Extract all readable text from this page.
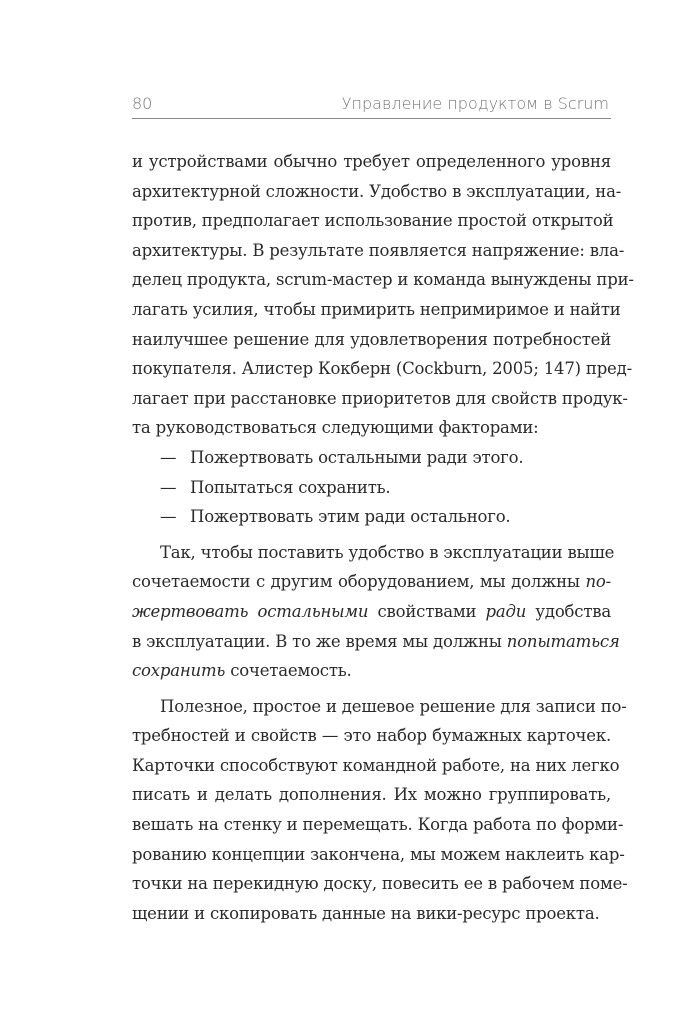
80	Управление продуктом в Scrum
и устройствами обычно требует определенного уровня
архитектурной сложности. Удобство в эксплуатации, на-
против, предполагает использование простой открытой
архитектуры. В результате появляется напряжение: вла-
делец продукта, scrum-мастер и команда вынуждены при-
лагать усилия, чтобы примирить непримиримое и найти
наилучшее решение для удовлетворения потребностей
покупателя. Алистер Кокберн (Cockburn, 2005; 147) пред-
лагает при расстановке приоритетов для свойств продук-
та руководствоваться следующими факторами:
— Пожертвовать остальными ради этого.
— Попытаться сохранить.
— Пожертвовать этим ради остального.
Так, чтобы поставить удобство в эксплуатации выше
сочетаемости с другим оборудованием, мы должны по-
жертвовать остальными свойствами ради удобства
в эксплуатации. В то же время мы должны попытаться
сохранить сочетаемость.
Полезное, простое и дешевое решение для записи по-
требностей и свойств — это набор бумажных карточек.
Карточки способствуют командной работе, на них легко
писать и делать дополнения. Их можно группировать,
вешать на стенку и перемещать. Когда работа по форми-
рованию концепции закончена, мы можем наклеить кар-
точки на перекидную доску, повесить ее в рабочем поме-
щении и скопировать данные на вики-ресурс проекта.
